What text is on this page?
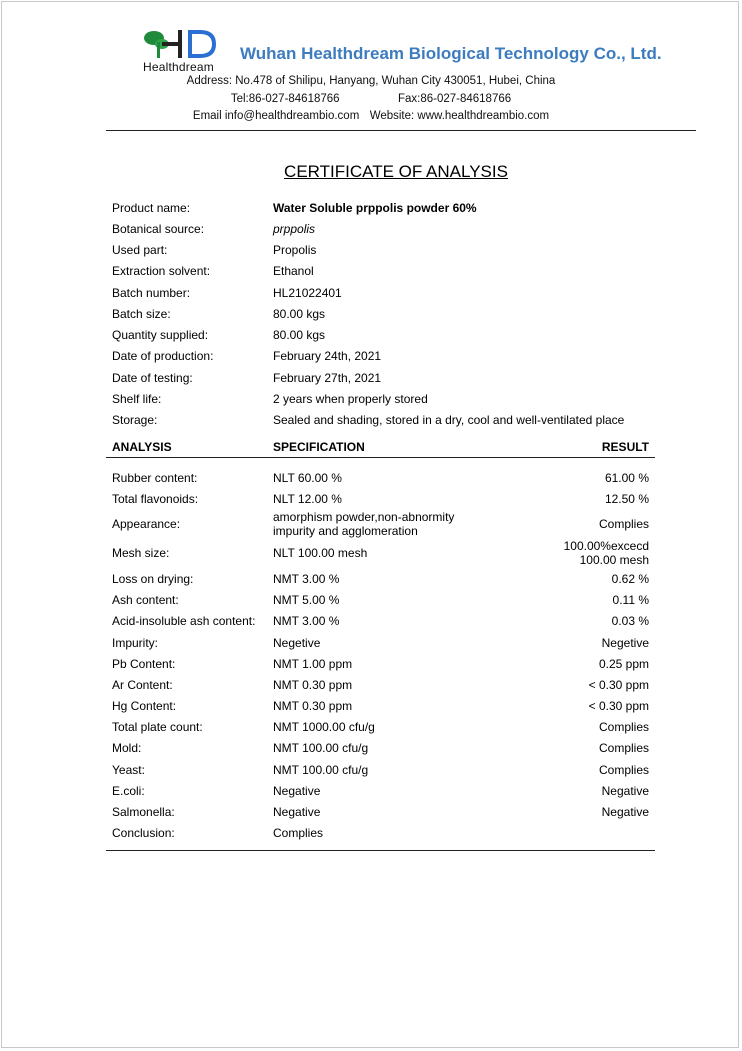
Healthdream
Wuhan Healthdream Biological Technology Co., Ltd.
Address: No.478 of Shilipu, Hanyang, Wuhan City 430051, Hubei, China
Tel:86-027-84618766	Fax:86-027-84618766
Email info@healthdreambio.com Website: www.healthdreambio.com
CERTIFICATE OF ANALYSIS
Product name:	Water Soluble prppolis powder 60%
Botanical source:	prppolis
Used part:	Propolis
Extraction solvent:	Ethanol
Batch number:	HL21022401
Batch size:	80.00 kgs
Quantity supplied:	80.00 kgs
Date of production:	February 24th, 2021
Date of testing:	February 27th, 2021
Shelf life:	2 years when properly stored
Storage:	Sealed and shading, stored in a dry, cool and well-ventilated place
ANALYSIS	SPECIFICATION	RESULT
Rubber content:	NLT 60.00 %	61.00 %
Total flavonoids:	NLT 12.00 %	12.50 %
Appearance:	amorphism powder,non-abnormity impurity and agglomeration	Complies
Mesh size:	NLT 100.00 mesh	100.00%excecd 100.00 mesh
Loss on drying:	NMT 3.00 %	0.62 %
Ash content:	NMT 5.00 %	0.11 %
Acid-insoluble ash content:	NMT 3.00 %	0.03 %
Impurity:	Negetive	Negetive
Pb Content:	NMT 1.00 ppm	0.25 ppm
Ar Content:	NMT 0.30 ppm	< 0.30 ppm
Hg Content:	NMT 0.30 ppm	< 0.30 ppm
Total plate count:	NMT 1000.00 cfu/g	Complies
Mold:	NMT 100.00 cfu/g	Complies
Yeast:	NMT 100.00 cfu/g	Complies
E.coli:	Negative	Negative
Salmonella:	Negative	Negative
Conclusion:	Complies
